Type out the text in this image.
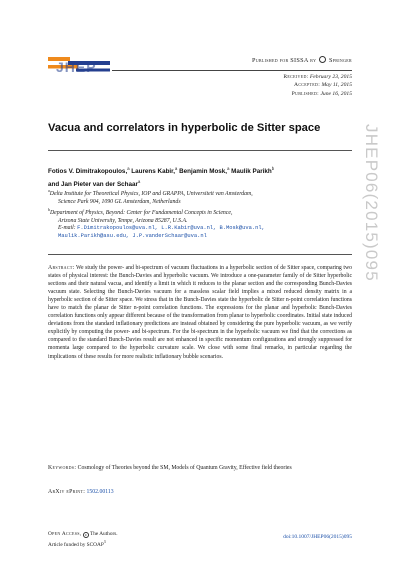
JHEP	Published for SISSA by Springer
Received: February 23, 2015
Accepted: May 11, 2015
Published: June 16, 2015
Vacua and correlators in hyperbolic de Sitter space JHEP06(2015)095
Fotios V. Dimitrakopoulos,$^a$ Laurens Kabir,$^a$ Benjamin Mosk,$^a$ Maulik Parikh$^b$
and Jan Pieter van der Schaar$^a$
$^a$Delta Institute for Theoretical Physics, IOP and GRAPPA, Universiteit van Amsterdam,
Science Park 904, 1090 GL Amsterdam, Netherlands
$^b$Department of Physics, Beyond: Center for Fundamental Concepts in Science,
Arizona State University, Tempe, Arizona 85287, U.S.A.
E-mail: F.Dimitrakopoulos@uva.nl, L.R.Kabir@uva.nl, B.Mosk@uva.nl,
Maulik.Parikh@asu.edu, J.P.vanderSchaar@uva.nl
Abstract: We study the power- and bi-spectrum of vacuum fluctuations in a hyperbolic section of de Sitter space, comparing two states of physical interest: the Bunch-Davies and hyperbolic vacuum. We introduce a one-parameter family of de Sitter hyperbolic sections and their natural vacua, and identify a limit in which it reduces to the planar section and the corresponding Bunch-Davies vacuum state. Selecting the Bunch-Davies vacuum for a massless scalar field implies a mixed reduced density matrix in a hyperbolic section of de Sitter space. We stress that in the Bunch-Davies state the hyperbolic de Sitter n-point correlation functions have to match the planar de Sitter n-point correlation functions. The expressions for the planar and hyperbolic Bunch-Davies correlation functions only appear different because of the transformation from planar to hyperbolic coordinates. Initial state induced deviations from the standard inflationary predictions are instead obtained by considering the pure hyperbolic vacuum, as we verify explicitly by computing the power- and bi-spectrum. For the bi-spectrum in the hyperbolic vacuum we find that the corrections as compared to the standard Bunch-Davies result are not enhanced in specific momentum configurations and strongly suppressed for momenta large compared to the hyperbolic curvature scale. We close with some final remarks, in particular regarding the implications of these results for more realistic inflationary bubble scenarios.
Keywords: Cosmology of Theories beyond the SM, Models of Quantum Gravity, Effective field theories
ArXiv ePrint: 1502.00113
Open Access, c The Authors.
Article funded by SCOAP$^3$
doi:10.1007/JHEP06(2015)095
